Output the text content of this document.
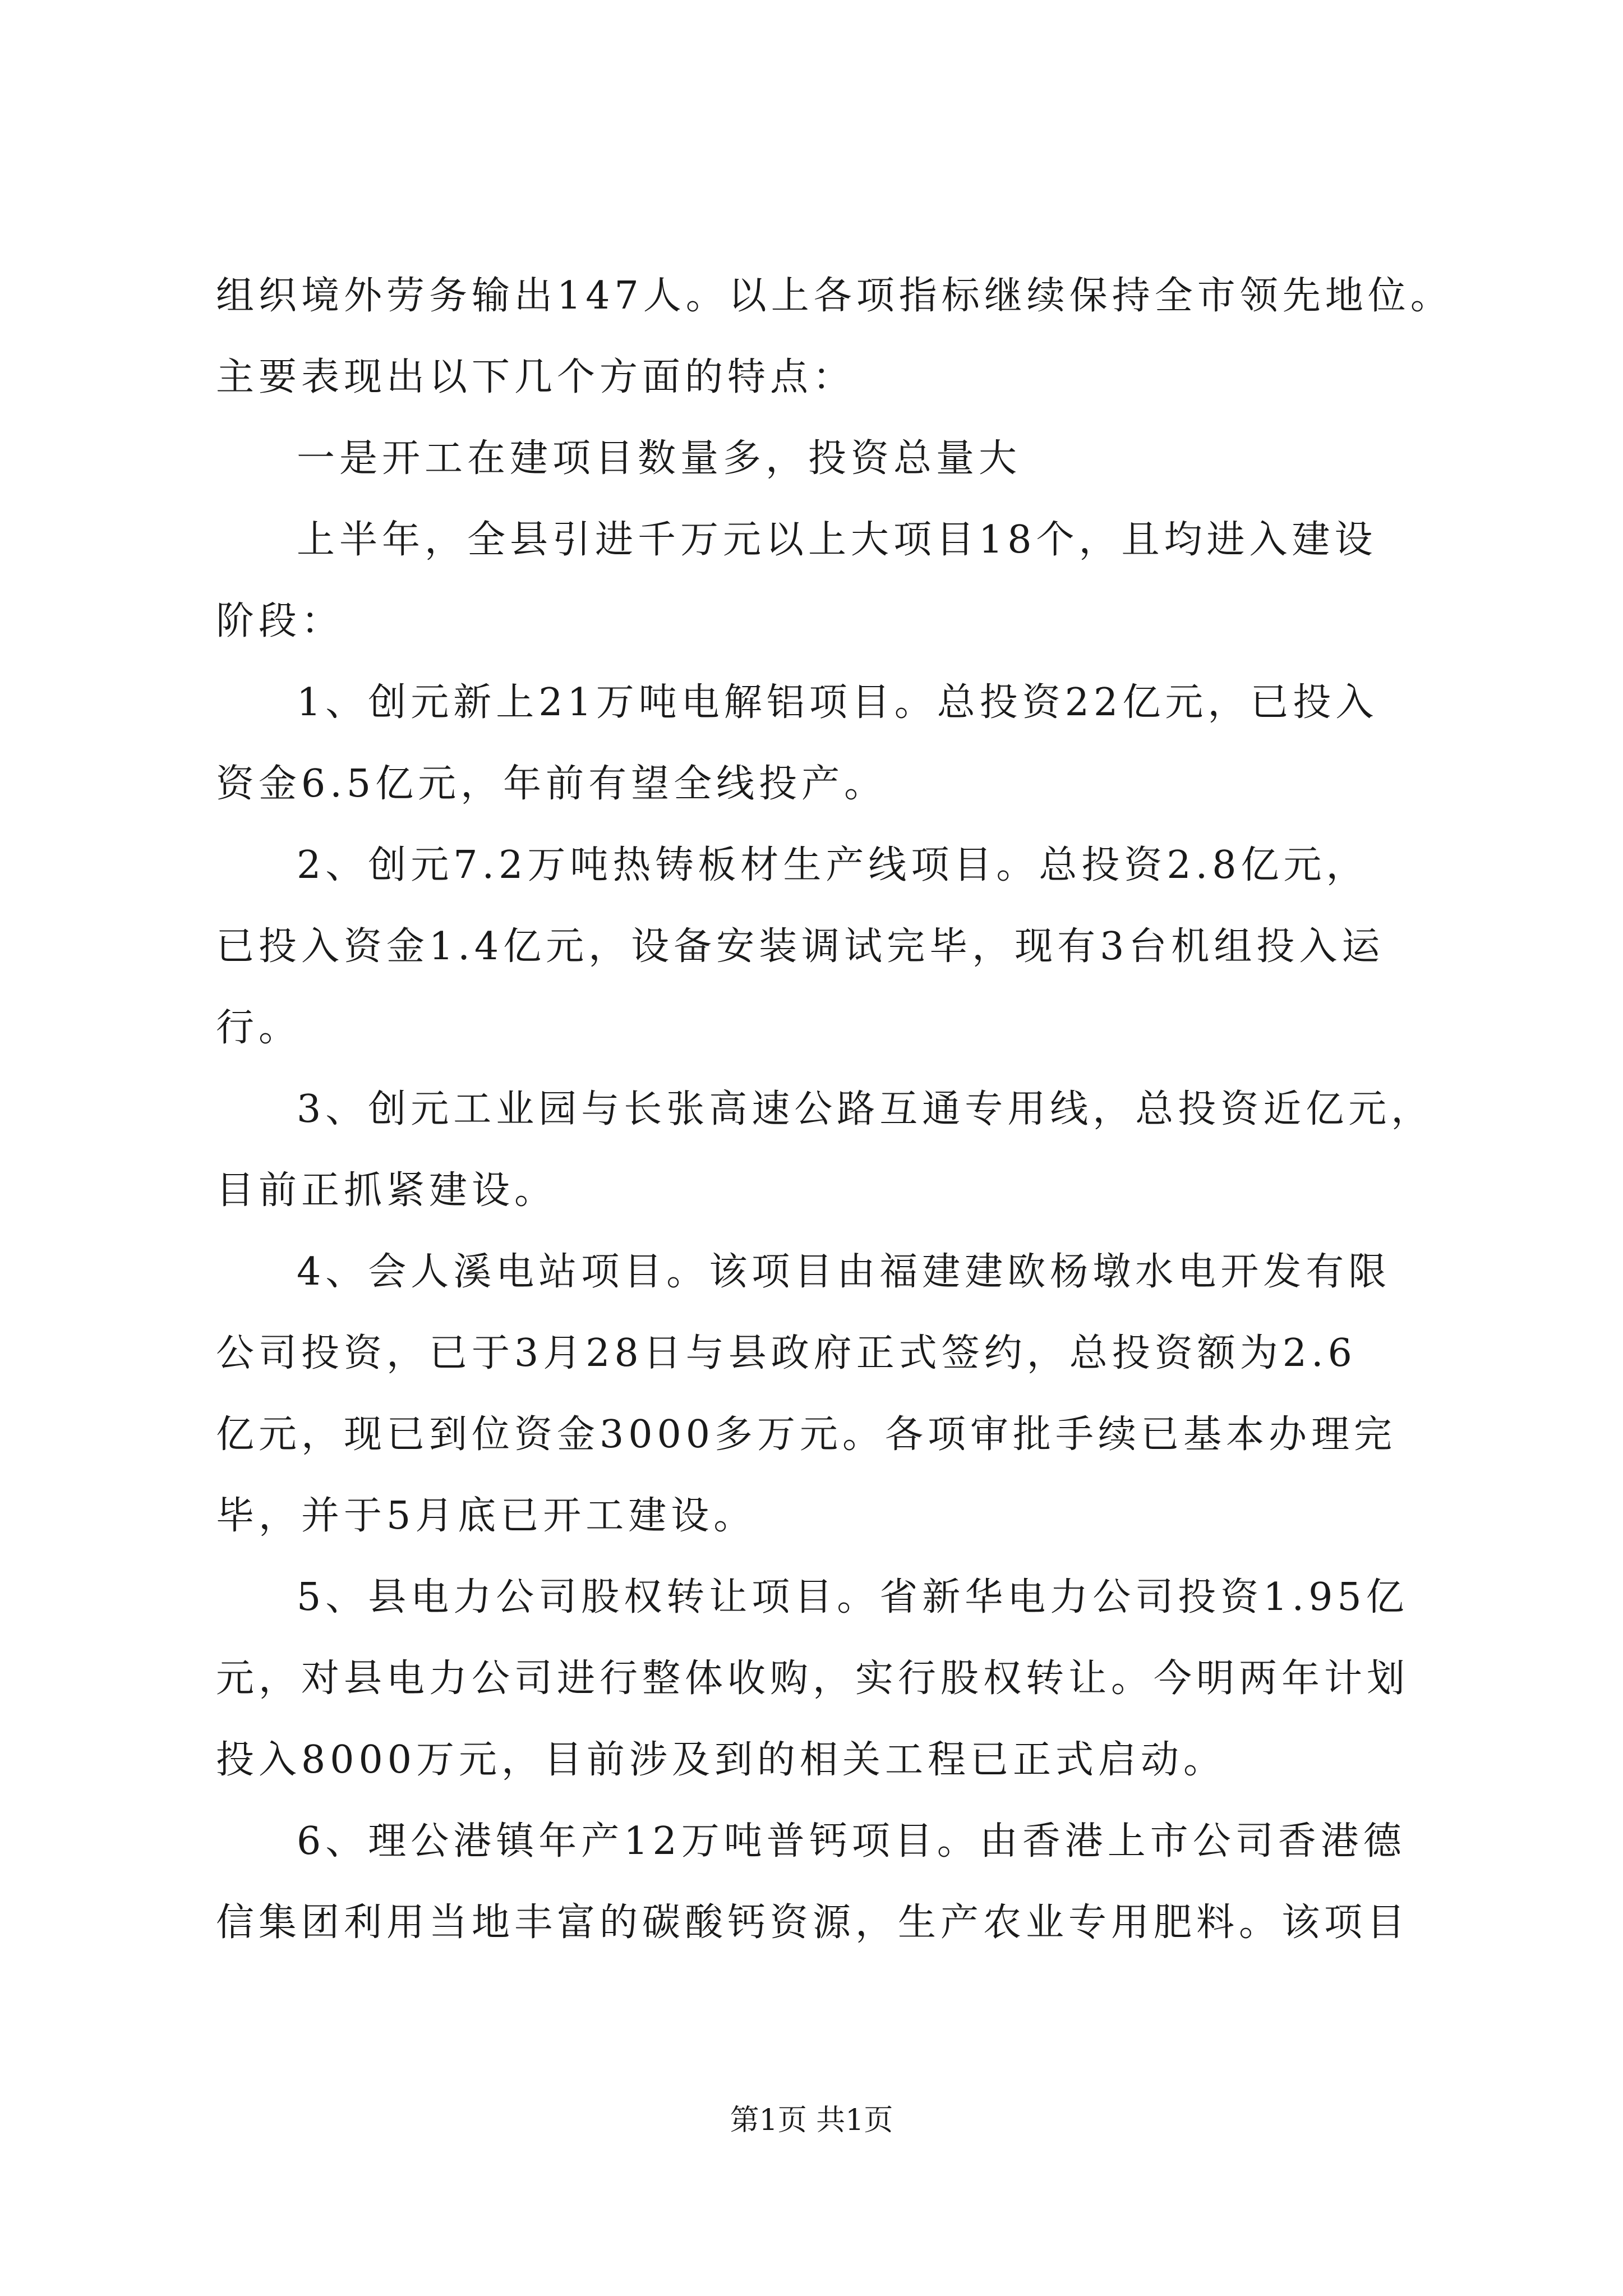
组织境外劳务输出147人。以上各项指标继续保持全市领先地位。
主要表现出以下几个方面的特点：
一是开工在建项目数量多，投资总量大
上半年，全县引进千万元以上大项目18个，且均进入建设
阶段：
1、创元新上21万吨电解铝项目。总投资22亿元，已投入
资金6.5亿元，年前有望全线投产。
2、创元7.2万吨热铸板材生产线项目。总投资2.8亿元，
已投入资金1.4亿元，设备安装调试完毕，现有3台机组投入运
行。
3、创元工业园与长张高速公路互通专用线，总投资近亿元，
目前正抓紧建设。
4、会人溪电站项目。该项目由福建建欧杨墩水电开发有限
公司投资，已于3月28日与县政府正式签约，总投资额为2.6
亿元，现已到位资金3000多万元。各项审批手续已基本办理完
毕，并于5月底已开工建设。
5、县电力公司股权转让项目。省新华电力公司投资1.95亿
元，对县电力公司进行整体收购，实行股权转让。今明两年计划
投入8000万元，目前涉及到的相关工程已正式启动。
6、理公港镇年产12万吨普钙项目。由香港上市公司香港德
信集团利用当地丰富的碳酸钙资源，生产农业专用肥料。该项目
第1页 共1页
